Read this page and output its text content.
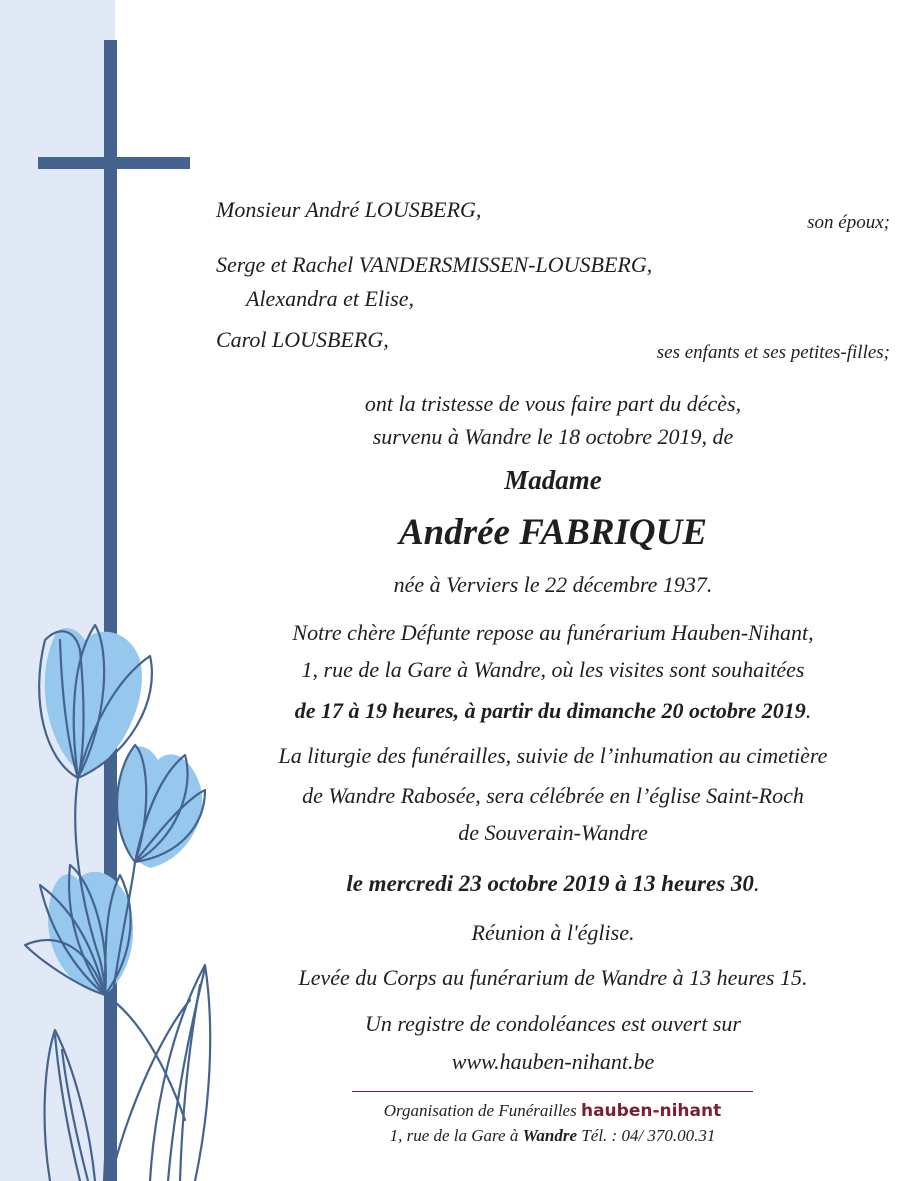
Monsieur André LOUSBERG,
son époux;
Serge et Rachel VANDERSMISSEN-LOUSBERG,
Alexandra et Elise,
Carol LOUSBERG,
ses enfants et ses petites-filles;
ont la tristesse de vous faire part du décès,
survenu à Wandre le 18 octobre 2019, de
Madame
Andrée FABRIQUE
née à Verviers le 22 décembre 1937.
Notre chère Défunte repose au funérarium Hauben-Nihant,
1, rue de la Gare à Wandre, où les visites sont souhaitées
de 17 à 19 heures, à partir du dimanche 20 octobre 2019.
La liturgie des funérailles, suivie de l’inhumation au cimetière
de Wandre Rabosée, sera célébrée en l’église Saint-Roch
de Souverain-Wandre
le mercredi 23 octobre 2019 à 13 heures 30.
Réunion à l'église.
Levée du Corps au funérarium de Wandre à 13 heures 15.
Un registre de condoléances est ouvert sur
www.hauben-nihant.be
Organisation de Funérailles hauben-nihant
1, rue de la Gare à Wandre Tél. : 04/ 370.00.31
